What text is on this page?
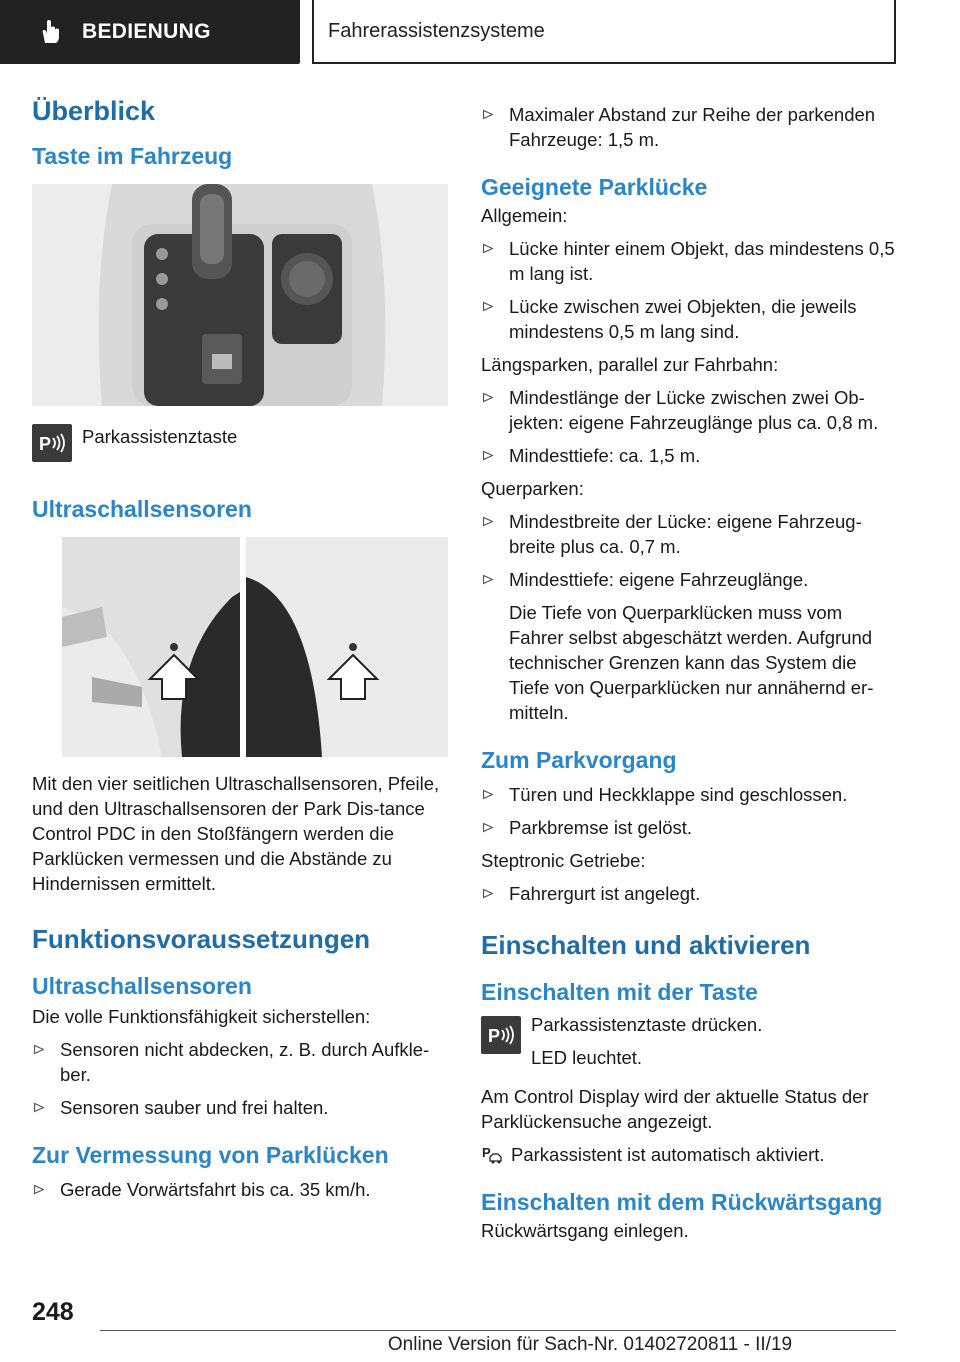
BEDIENUNG	Fahrerassistenzsysteme
Überblick
Taste im Fahrzeug
P Parkassistenztaste

Ultraschallsensoren

Mit den vier seitlichen Ultraschallsensoren, Pfeile, und den Ultraschallsensoren der Park Dis-tance Control PDC in den Stoßfängern werden die Parklücken vermessen und die Abstände zu Hindernissen ermittelt.

Funktionsvoraussetzungen
Ultraschallsensoren

Die volle Funktionsfähigkeit sicherstellen:

Sensoren nicht abdecken, z. B. durch Aufkle-ber.
Sensoren sauber und frei halten.
Zur Vermessung von Parklücken
Gerade Vorwärtsfahrt bis ca. 35 km/h.
Maximaler Abstand zur Reihe der parkenden Fahrzeuge: 1,5 m.
Geeignete Parklücke

Allgemein:

Lücke hinter einem Objekt, das mindestens 0,5 m lang ist.
Lücke zwischen zwei Objekten, die jeweils mindestens 0,5 m lang sind.

Längsparken, parallel zur Fahrbahn:

Mindestlänge der Lücke zwischen zwei Ob-jekten: eigene Fahrzeuglänge plus ca. 0,8 m.
Mindesttiefe: ca. 1,5 m.

Querparken:

Mindestbreite der Lücke: eigene Fahrzeug-breite plus ca. 0,7 m.
Mindesttiefe: eigene Fahrzeuglänge.

Die Tiefe von Querparklücken muss vom Fahrer selbst abgeschätzt werden. Aufgrund technischer Grenzen kann das System die Tiefe von Querparklücken nur annähernd er-mitteln.

Zum Parkvorgang
Türen und Heckklappe sind geschlossen.
Parkbremse ist gelöst.

Steptronic Getriebe:

Fahrergurt ist angelegt.
Einschalten und aktivieren
Einschalten mit der Taste
P

Parkassistenztaste drücken.

LED leuchtet.

Am Control Display wird der aktuelle Status der Parklückensuche angezeigt.

P Parkassistent ist automatisch aktiviert.

Einschalten mit dem Rückwärtsgang

Rückwärtsgang einlegen.

248
Online Version für Sach-Nr. 01402720811 - II/19
